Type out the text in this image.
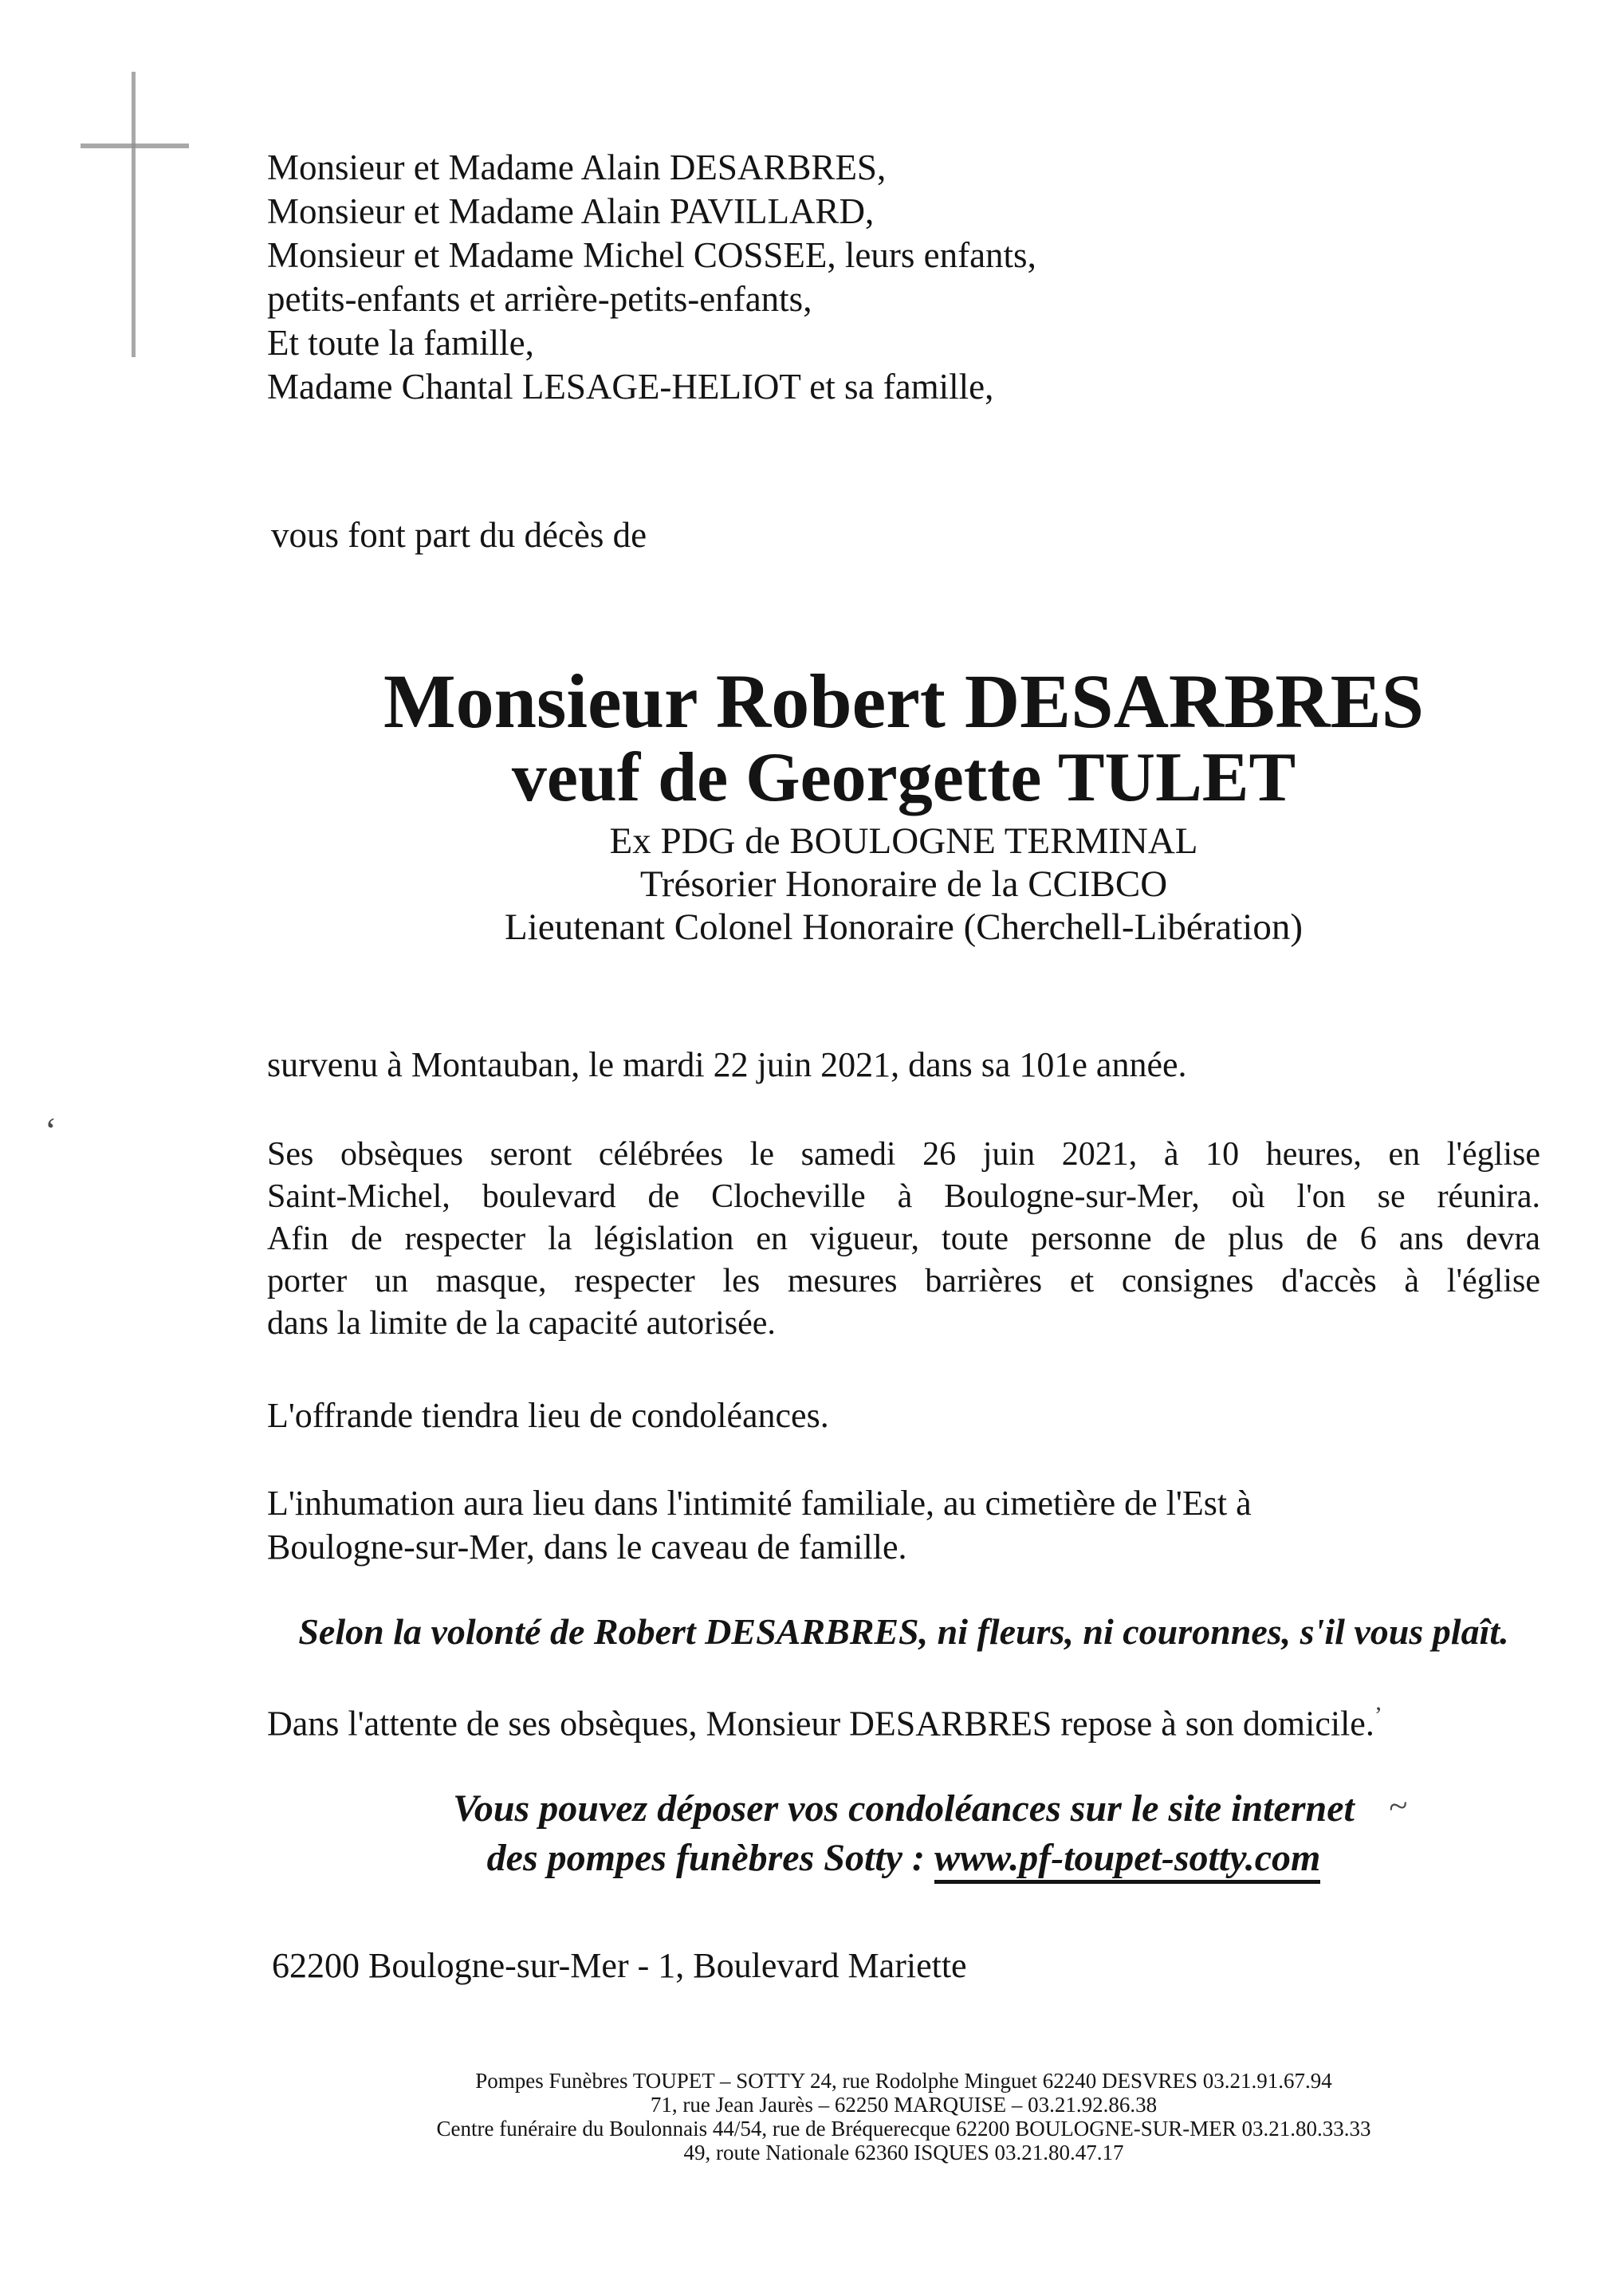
Monsieur et Madame Alain DESARBRES,
Monsieur et Madame Alain PAVILLARD,
Monsieur et Madame Michel COSSEE, leurs enfants,
petits-enfants et arrière-petits-enfants,
Et toute la famille,
Madame Chantal LESAGE-HELIOT et sa famille,
vous font part du décès de
Monsieur Robert DESARBRES
veuf de Georgette TULET
Ex PDG de BOULOGNE TERMINAL
Trésorier Honoraire de la CCIBCO
Lieutenant Colonel Honoraire (Cherchell-Libération)
survenu à Montauban, le mardi 22 juin 2021, dans sa 101e année.
Ses obsèques seront célébrées le samedi 26 juin 2021, à 10 heures, en l'église
Saint-Michel, boulevard de Clocheville à Boulogne-sur-Mer, où l'on se réunira.
Afin de respecter la législation en vigueur, toute personne de plus de 6 ans devra
porter un masque, respecter les mesures barrières et consignes d'accès à l'église
dans la limite de la capacité autorisée.
L'offrande tiendra lieu de condoléances.
L'inhumation aura lieu dans l'intimité familiale, au cimetière de l'Est à
Boulogne-sur-Mer, dans le caveau de famille.
Selon la volonté de Robert DESARBRES, ni fleurs, ni couronnes, s'il vous plaît.
Dans l'attente de ses obsèques, Monsieur DESARBRES repose à son domicile.’
Vous pouvez déposer vos condoléances sur le site internet
des pompes funèbres Sotty : www.pf-toupet-sotty.com
62200 Boulogne-sur-Mer - 1, Boulevard Mariette
Pompes Funèbres TOUPET – SOTTY 24, rue Rodolphe Minguet 62240 DESVRES 03.21.91.67.94
71, rue Jean Jaurès – 62250 MARQUISE – 03.21.92.86.38
Centre funéraire du Boulonnais 44/54, rue de Bréquerecque 62200 BOULOGNE-SUR-MER 03.21.80.33.33
49, route Nationale 62360 ISQUES 03.21.80.47.17
‘
~
